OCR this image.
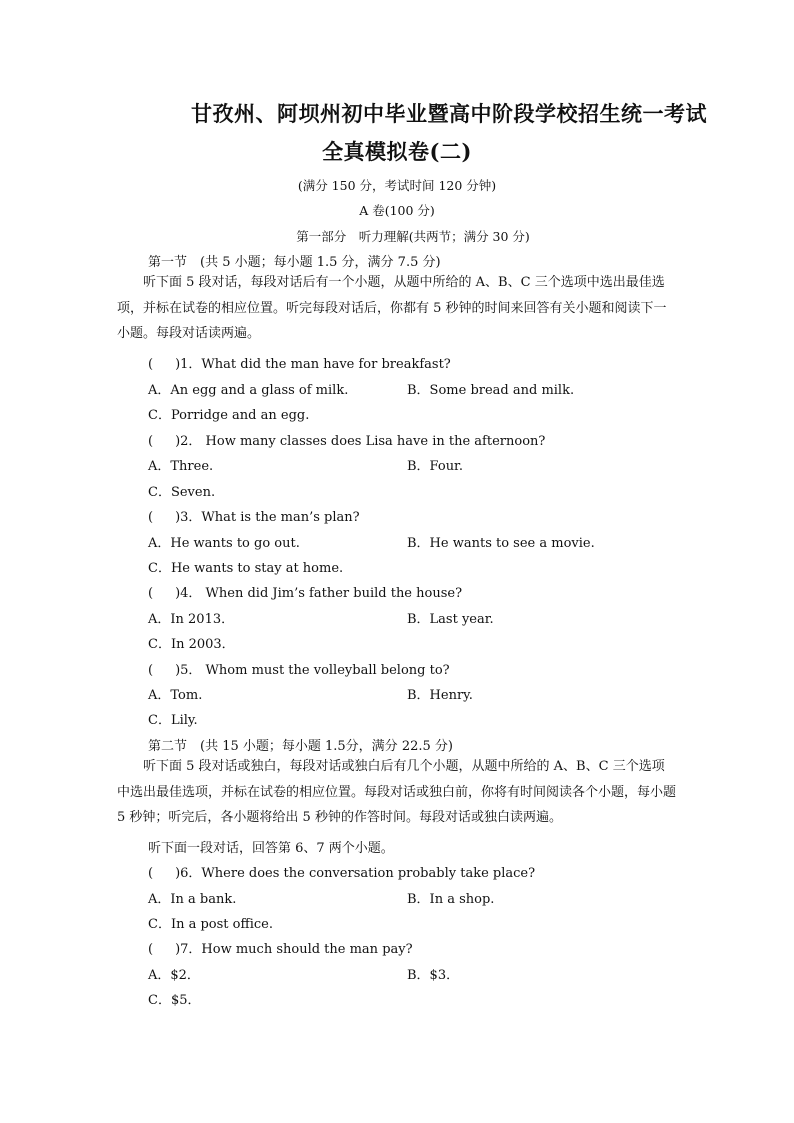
甘孜州、阿坝州初中毕业暨高中阶段学校招生统一考试
全真模拟卷(二)
(满分 150 分，考试时间 120 分钟)
A 卷(100 分)
第一部分　听力理解(共两节；满分 30 分)
第一节　(共 5 小题；每小题 1.5 分，满分 7.5 分)
听下面 5 段对话，每段对话后有一个小题，从题中所给的 A、B、C 三个选项中选出最佳选项，并标在试卷的相应位置。听完每段对话后，你都有 5 秒钟的时间来回答有关小题和阅读下一小题。每段对话读两遍。
( )1．What did the man have for breakfast?
A．An egg and a glass of milk.	B．Some bread and milk.
C．Porridge and an egg.
( )2． How many classes does Lisa have in the afternoon?
A．Three.	B．Four.
C．Seven.
( )3．What is the man’s plan?
A．He wants to go out.	B．He wants to see a movie.
C．He wants to stay at home.
( )4． When did Jim’s father build the house?
A．In 2013．	B．Last year.
C．In 2003．
( )5． Whom must the volleyball belong to?
A．Tom.	B．Henry.
C．Lily.
第二节　(共 15 小题；每小题 1.5分，满分 22.5 分)
听下面 5 段对话或独白，每段对话或独白后有几个小题，从题中所给的 A、B、C 三个选项中选出最佳选项，并标在试卷的相应位置。每段对话或独白前，你将有时间阅读各个小题，每小题 5 秒钟；听完后，各小题将给出 5 秒钟的作答时间。每段对话或独白读两遍。
听下面一段对话，回答第 6、7 两个小题。
( )6．Where does the conversation probably take place?
A．In a bank.	B．In a shop.
C．In a post office.
( )7．How much should the man pay?
A．$2．	B．$3．
C．$5．
